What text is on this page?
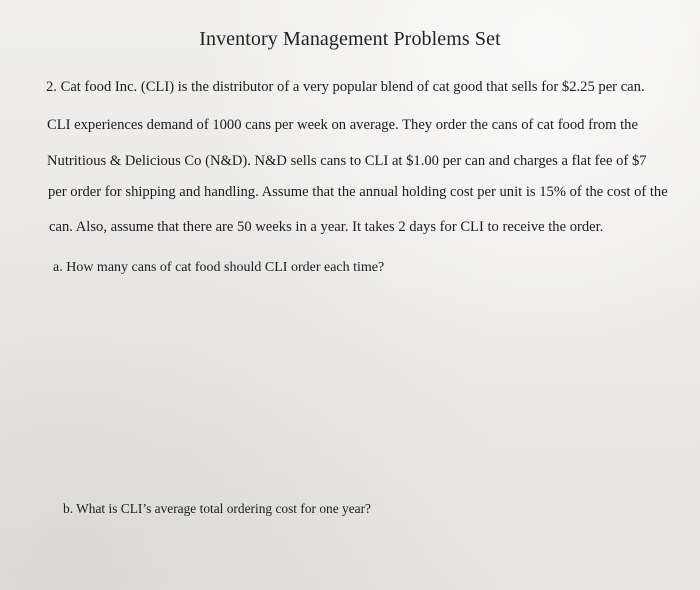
Inventory Management Problems Set
2. Cat food Inc. (CLI) is the distributor of a very popular blend of cat good that sells for $2.25 per can.
CLI experiences demand of 1000 cans per week on average. They order the cans of cat food from the
Nutritious & Delicious Co (N&D). N&D sells cans to CLI at $1.00 per can and charges a flat fee of $7
per order for shipping and handling. Assume that the annual holding cost per unit is 15% of the cost of the
can. Also, assume that there are 50 weeks in a year. It takes 2 days for CLI to receive the order.
a. How many cans of cat food should CLI order each time?
b. What is CLI’s average total ordering cost for one year?
